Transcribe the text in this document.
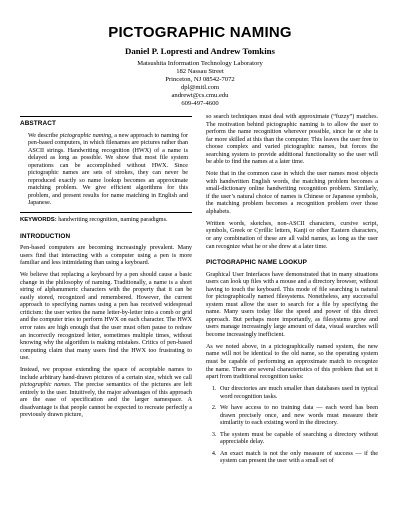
PICTOGRAPHIC NAMING
Daniel P. Lopresti and Andrew Tomkins
Matsushita Information Technology Laboratory
182 Nassau Street
Princeton, NJ 08542-7072
dpl@mitl.com
andrewt@cs.cmu.edu
609-497-4600
ABSTRACT

We describe pictographic naming, a new approach to naming for pen-based computers, in which filenames are pictures rather than ASCII strings. Handwriting recognition (HWX) of a name is delayed as long as possible. We show that most file system operations can be accomplished without HWX. Since pictographic names are sets of strokes, they can never be reproduced exactly so name lookup becomes an approximate matching problem. We give efficient algorithms for this problem, and present results for name matching in English and Japanese.

KEYWORDS: handwriting recognition, naming paradigms.

INTRODUCTION

Pen-based computers are becoming increasingly prevalent. Many users find that interacting with a computer using a pen is more familiar and less intimidating than using a keyboard.

We believe that replacing a keyboard by a pen should cause a basic change in the philosophy of naming. Traditionally, a name is a short string of alphanumeric characters with the property that it can be easily stored, recognized and remembered. However, the current approach to specifying names using a pen has received widespread criticism: the user writes the name letter-by-letter into a comb or grid and the computer tries to perform HWX on each character. The HWX error rates are high enough that the user must often pause to redraw an incorrectly recognized letter, sometimes multiple times, without knowing why the algorithm is making mistakes. Critics of pen-based computing claim that many users find the HWX too frustrating to use.

Instead, we propose extending the space of acceptable names to include arbitrary hand-drawn pictures of a certain size, which we call pictographic names. The precise semantics of the pictures are left entirely to the user. Intuitively, the major advantages of this approach are the ease of specification and the larger namespace. A disadvantage is that people cannot be expected to recreate perfectly a previously drawn picture,

so search techniques must deal with approximate (“fuzzy”) matches. The motivation behind pictographic naming is to allow the user to perform the name recognition wherever possible, since he or she is far more skilled at this than the computer. This leaves the user free to choose complex and varied pictographic names, but forces the searching system to provide additional functionality so the user will be able to find the names at a later time.

Note that in the common case in which the user names most objects with handwritten English words, the matching problem becomes a small-dictionary online handwriting recognition problem. Similarly, if the user’s natural choice of names is Chinese or Japanese symbols, the matching problem becomes a recognition problem over those alphabets.

Written words, sketches, non-ASCII characters, cursive script, symbols, Greek or Cyrillic letters, Kanji or other Eastern characters, or any combination of these are all valid names, as long as the user can recognize what he or she drew at a later time.

PICTOGRAPHIC NAME LOOKUP

Graphical User Interfaces have demonstrated that in many situations users can look up files with a mouse and a directory browser, without having to touch the keyboard. This mode of file searching is natural for pictographically named filesystems. Nonetheless, any successful system must allow the user to search for a file by specifying the name. Many users today like the speed and power of this direct approach. But perhaps more importantly, as filesystems grow and users manage increasingly large amount of data, visual searches will become increasingly inefficient.

As we noted above, in a pictographically named system, the new name will not be identical to the old name, so the operating system must be capable of performing an approximate match to recognize the name. There are several characteristics of this problem that set it apart from traditional recognition tasks:

1. Our directories are much smaller than databases used in typical word recognition tasks.
2. We have access to no training data — each word has been drawn precisely once, and new words must measure their similarity to each existing word in the directory.
3. The system must be capable of searching a directory without appreciable delay.
4. An exact match is not the only measure of success — if the system can present the user with a small set of
